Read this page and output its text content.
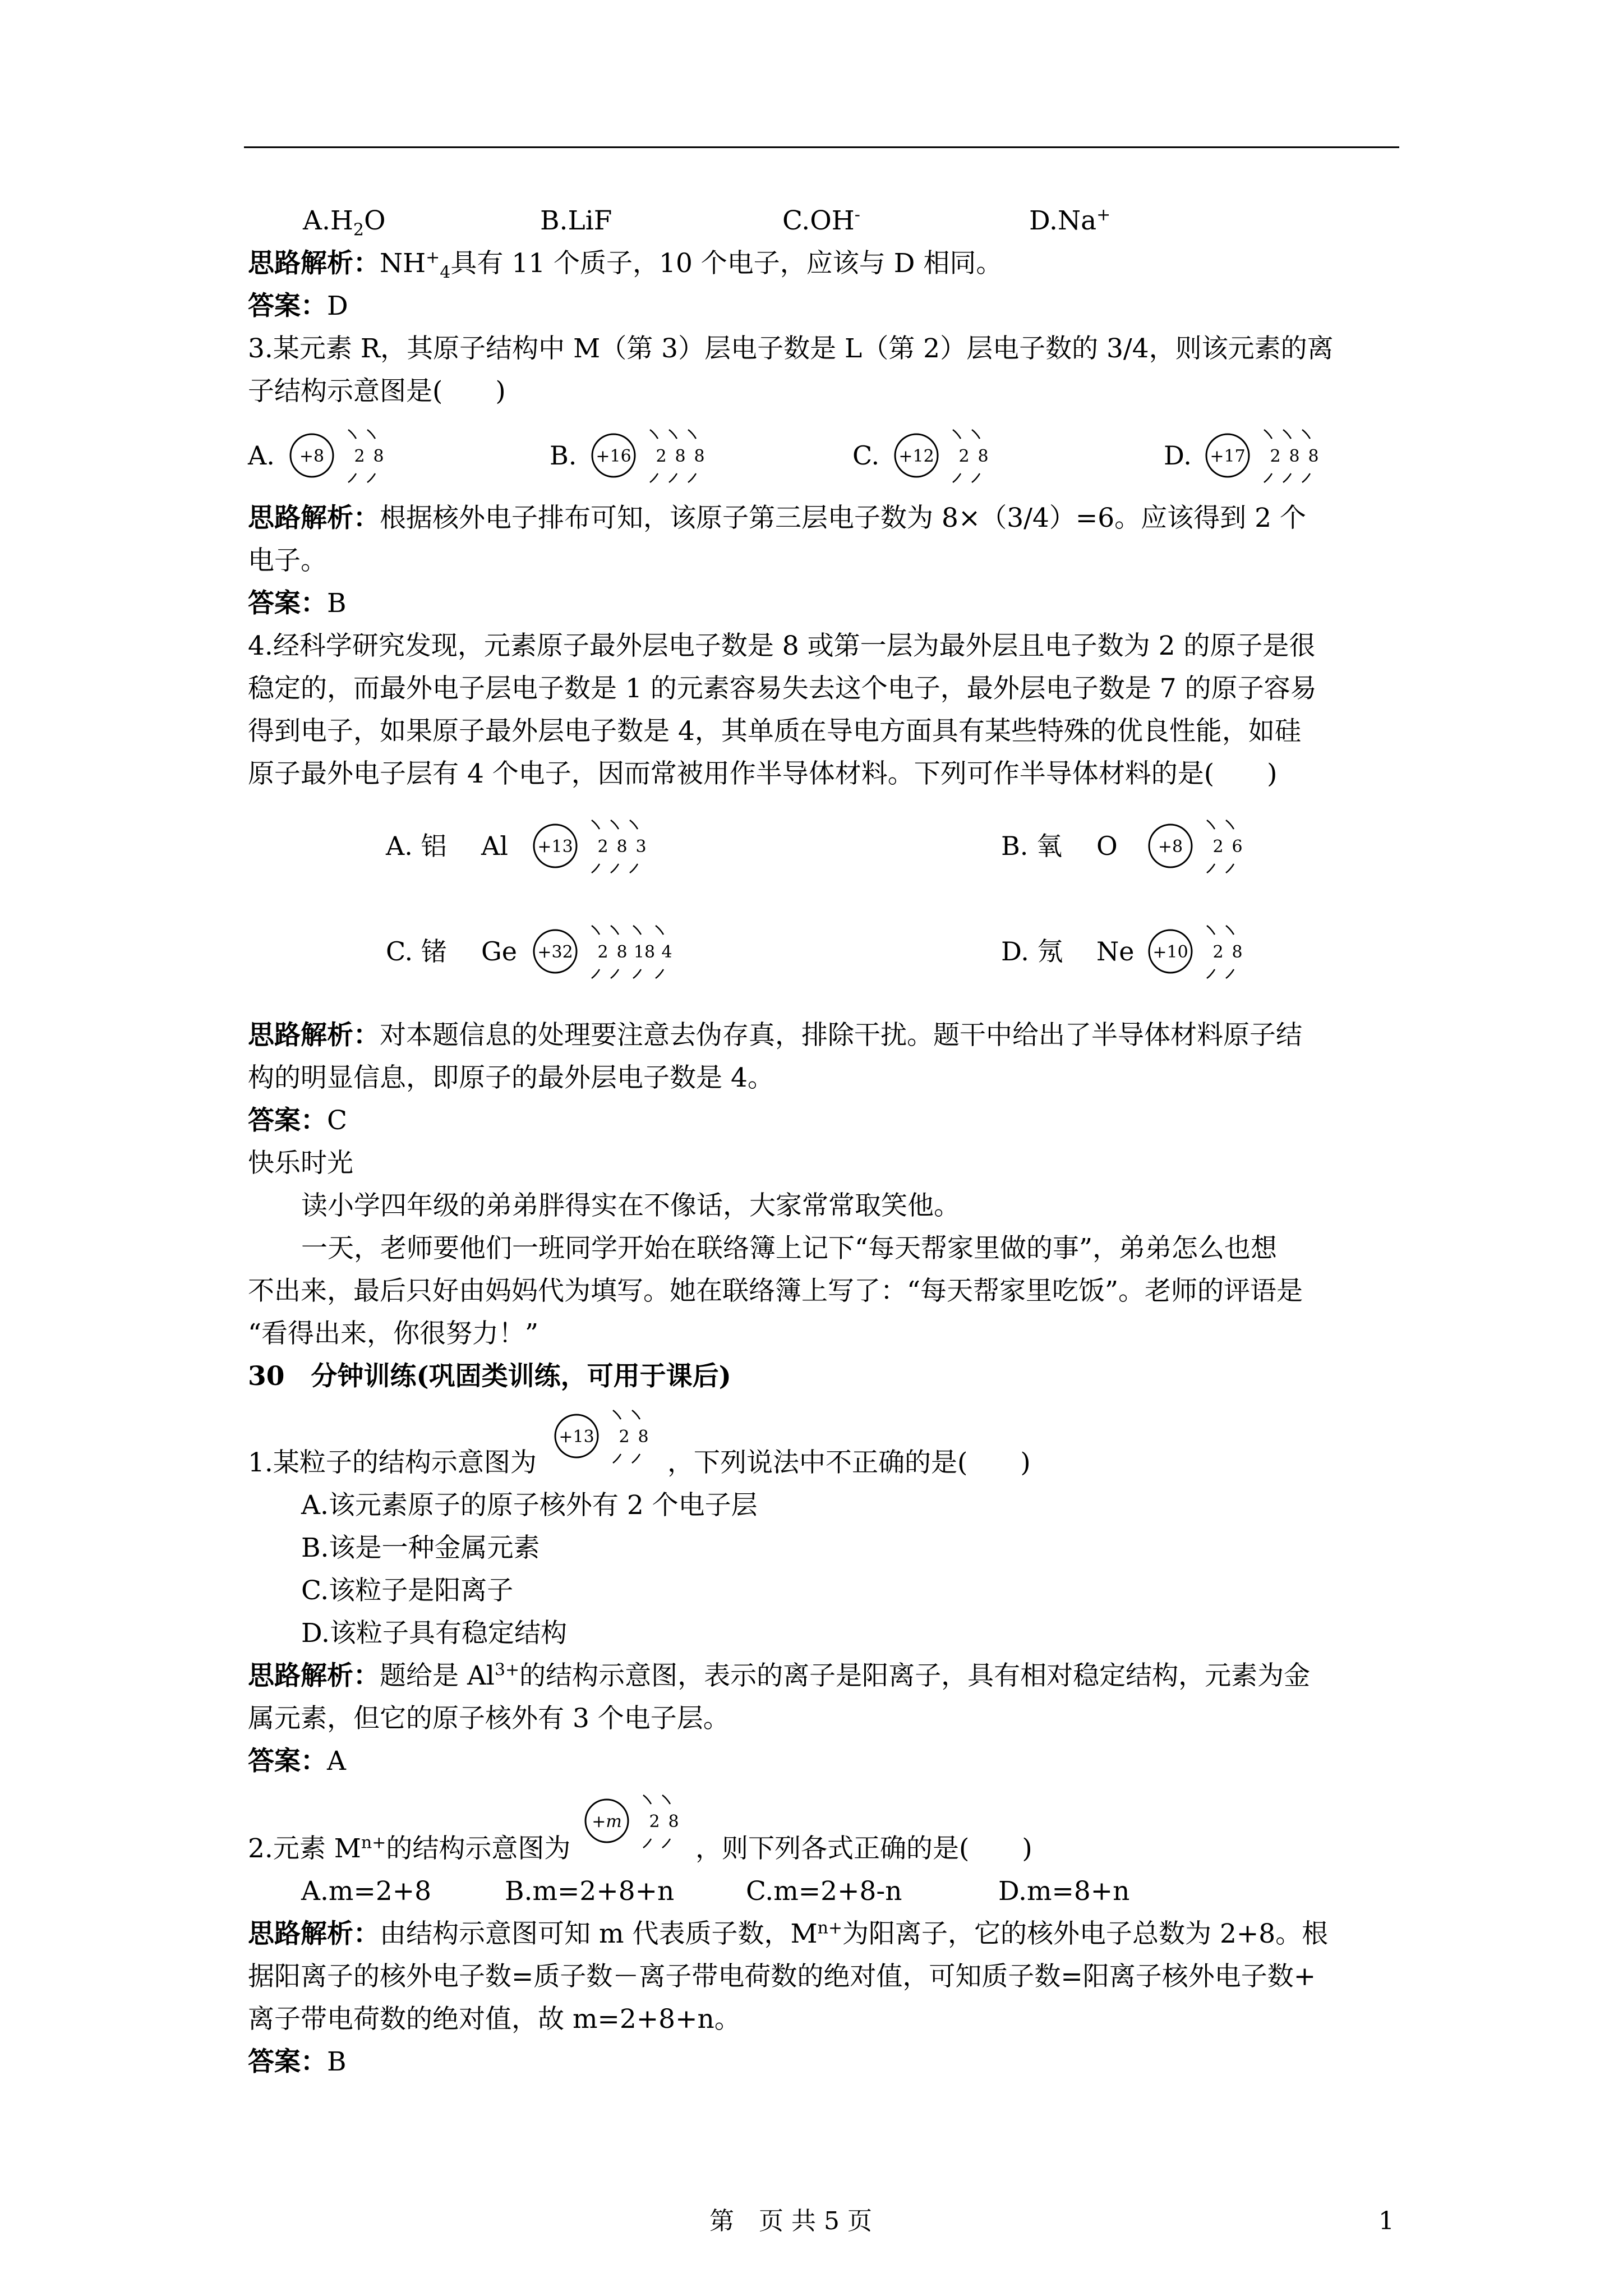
$A.H_2O$	B.LiF	C.OH-	D.Na+
思路解析：$NH^+_4$具有 11 个质子，10 个电子，应该与 D 相同。
答案：D
3.某元素 R，其原子结构中 M（第 3）层电子数是 L（第 2）层电子数的 3/4，则该元素的离
子结构示意图是(　　)
A. +8 2 8	B. +16 2 8 8	C. +12 2 8	D. +17 2 8 8
思路解析：根据核外电子排布可知，该原子第三层电子数为 8×（3/4）=6。应该得到 2 个
电子。
答案：B
4.经科学研究发现，元素原子最外层电子数是 8 或第一层为最外层且电子数为 2 的原子是很
稳定的，而最外电子层电子数是 1 的元素容易失去这个电子，最外层电子数是 7 的原子容易
得到电子，如果原子最外层电子数是 4，其单质在导电方面具有某些特殊的优良性能，如硅
原子最外电子层有 4 个电子，因而常被用作半导体材料。下列可作半导体材料的是(　　)
A. 铝 Al +13 2 8 3	B. 氧 O +8 2 6
C. 锗 Ge +32 2 8 18 4	D. 氖 Ne +10 2 8
思路解析：对本题信息的处理要注意去伪存真，排除干扰。题干中给出了半导体材料原子结
构的明显信息，即原子的最外层电子数是 4。
答案：C
快乐时光
读小学四年级的弟弟胖得实在不像话，大家常常取笑他。
一天，老师要他们一班同学开始在联络簿上记下“每天帮家里做的事”，弟弟怎么也想
不出来，最后只好由妈妈代为填写。她在联络簿上写了：“每天帮家里吃饭”。老师的评语是
“看得出来，你很努力！”
30　分钟训练(巩固类训练，可用于课后)
1.某粒子的结构示意图为
+13 2 8
，下列说法中不正确的是(　　)
A.该元素原子的原子核外有 2 个电子层
B.该是一种金属元素
C.该粒子是阳离子
D.该粒子具有稳定结构
思路解析：题给是 $Al^{3+}$的结构示意图，表示的离子是阳离子，具有相对稳定结构，元素为金
属元素，但它的原子核外有 3 个电子层。
答案：A
2.元素 $M^{n+}$的结构示意图为
+m 2 8
，则下列各式正确的是(　　)
A.m=2+8	B.m=2+8+n	C.m=2+8-n	D.m=8+n
思路解析：由结构示意图可知 m 代表质子数，$M^{n+}$为阳离子，它的核外电子总数为 2+8。根
据阳离子的核外电子数=质子数－离子带电荷数的绝对值，可知质子数=阳离子核外电子数+
离子带电荷数的绝对值，故 m=2+8+n。
答案：B
第　页 共 5 页	1
